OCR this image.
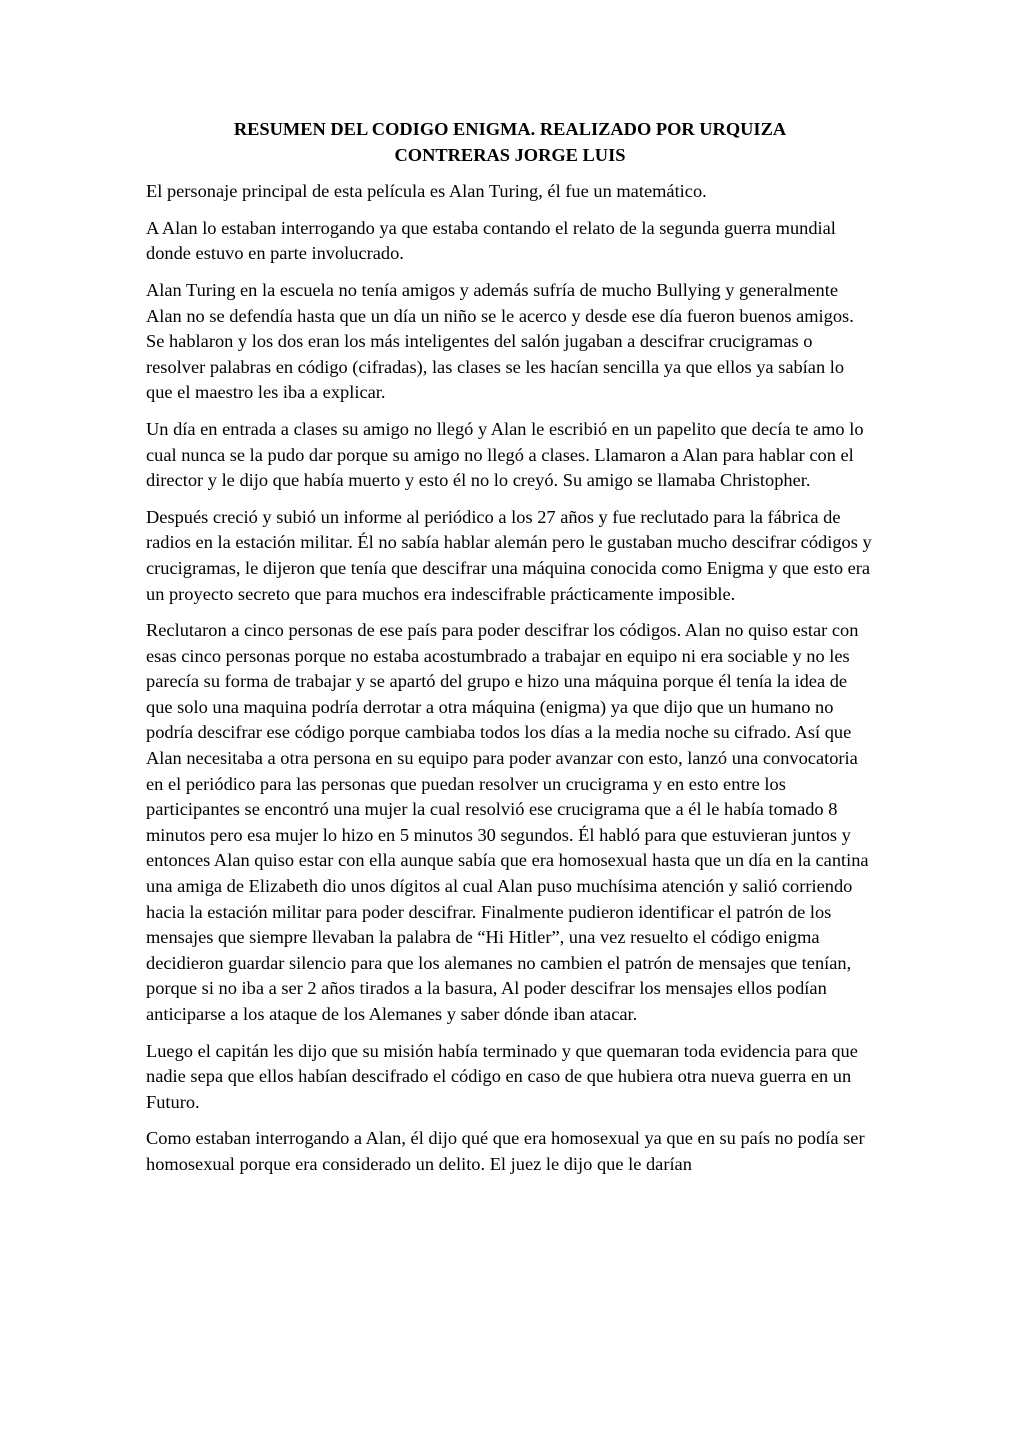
RESUMEN DEL CODIGO ENIGMA. REALIZADO POR URQUIZA CONTRERAS JORGE LUIS

El personaje principal de esta película es Alan Turing, él fue un matemático.

A Alan lo estaban interrogando ya que estaba contando el relato de la segunda guerra mundial donde estuvo en parte involucrado.

Alan Turing en la escuela no tenía amigos y además sufría de mucho Bullying y generalmente Alan no se defendía hasta que un día un niño se le acerco y desde ese día fueron buenos amigos. Se hablaron y los dos eran los más inteligentes del salón jugaban a descifrar crucigramas o resolver palabras en código (cifradas), las clases se les hacían sencilla ya que ellos ya sabían lo que el maestro les iba a explicar.

Un día en entrada a clases su amigo no llegó y Alan le escribió en un papelito que decía te amo lo cual nunca se la pudo dar porque su amigo no llegó a clases. Llamaron a Alan para hablar con el director y le dijo que había muerto y esto él no lo creyó. Su amigo se llamaba Christopher.

Después creció y subió un informe al periódico a los 27 años y fue reclutado para la fábrica de radios en la estación militar. Él no sabía hablar alemán pero le gustaban mucho descifrar códigos y crucigramas, le dijeron que tenía que descifrar una máquina conocida como Enigma y que esto era un proyecto secreto que para muchos era indescifrable prácticamente imposible.

Reclutaron a cinco personas de ese país para poder descifrar los códigos. Alan no quiso estar con esas cinco personas porque no estaba acostumbrado a trabajar en equipo ni era sociable y no les parecía su forma de trabajar y se apartó del grupo e hizo una máquina porque él tenía la idea de que solo una maquina podría derrotar a otra máquina (enigma) ya que dijo que un humano no podría descifrar ese código porque cambiaba todos los días a la media noche su cifrado. Así que Alan necesitaba a otra persona en su equipo para poder avanzar con esto, lanzó una convocatoria en el periódico para las personas que puedan resolver un crucigrama y en esto entre los participantes se encontró una mujer la cual resolvió ese crucigrama que a él le había tomado 8 minutos pero esa mujer lo hizo en 5 minutos 30 segundos. Él habló para que estuvieran juntos y entonces Alan quiso estar con ella aunque sabía que era homosexual hasta que un día en la cantina una amiga de Elizabeth dio unos dígitos al cual Alan puso muchísima atención y salió corriendo hacia la estación militar para poder descifrar. Finalmente pudieron identificar el patrón de los mensajes que siempre llevaban la palabra de “Hi Hitler”, una vez resuelto el código enigma decidieron guardar silencio para que los alemanes no cambien el patrón de mensajes que tenían, porque si no iba a ser 2 años tirados a la basura, Al poder descifrar los mensajes ellos podían anticiparse a los ataque de los Alemanes y saber dónde iban atacar.

Luego el capitán les dijo que su misión había terminado y que quemaran toda evidencia para que nadie sepa que ellos habían descifrado el código en caso de que hubiera otra nueva guerra en un Futuro.

Como estaban interrogando a Alan, él dijo qué que era homosexual ya que en su país no podía ser homosexual porque era considerado un delito. El juez le dijo que le darían
